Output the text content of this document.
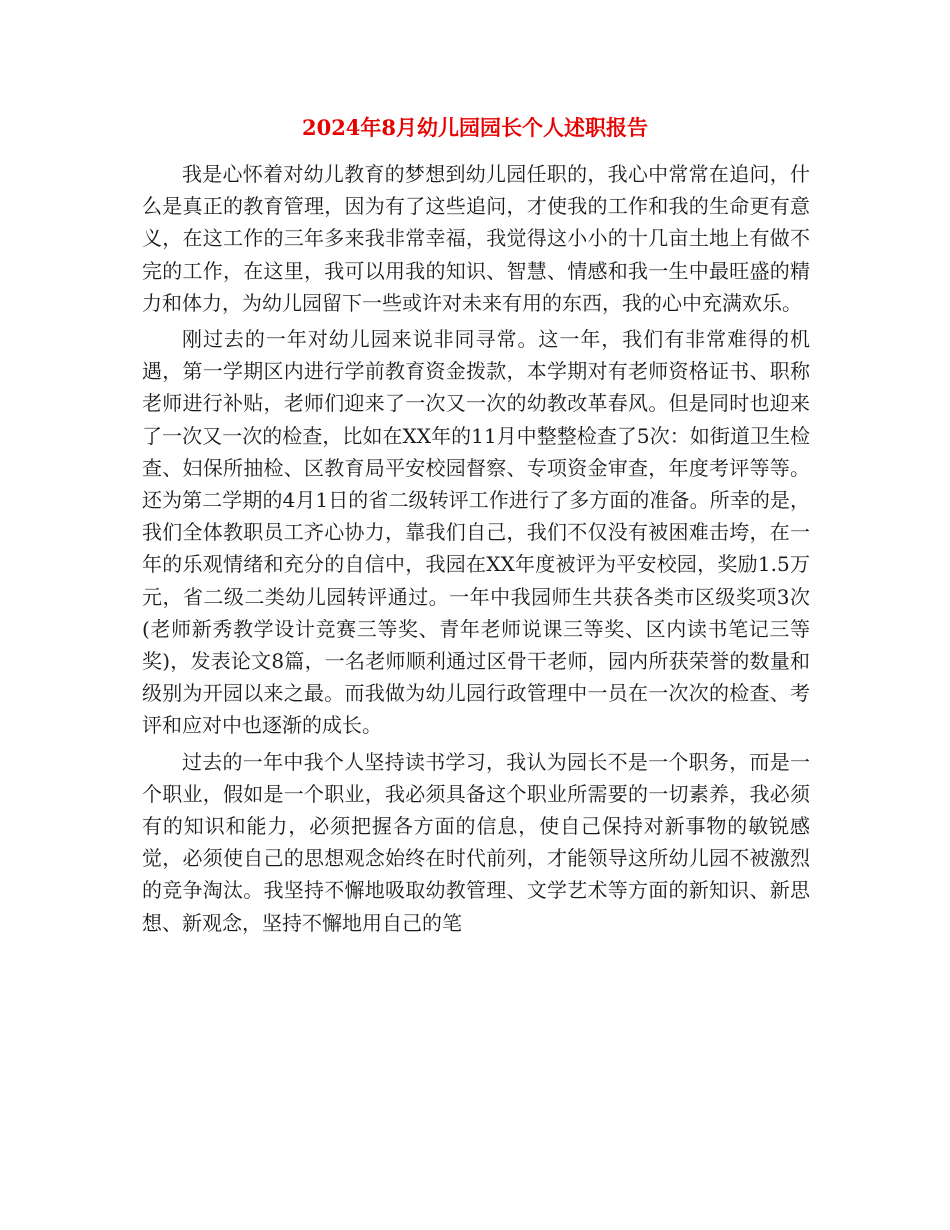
2024年8月幼儿园园长个人述职报告

我是心怀着对幼儿教育的梦想到幼儿园任职的，我心中常常在追问，什么是真正的教育管理，因为有了这些追问，才使我的工作和我的生命更有意义，在这工作的三年多来我非常幸福，我觉得这小小的十几亩土地上有做不完的工作，在这里，我可以用我的知识、智慧、情感和我一生中最旺盛的精力和体力，为幼儿园留下一些或许对未来有用的东西，我的心中充满欢乐。

刚过去的一年对幼儿园来说非同寻常。这一年，我们有非常难得的机遇，第一学期区内进行学前教育资金拨款，本学期对有老师资格证书、职称老师进行补贴，老师们迎来了一次又一次的幼教改革春风。但是同时也迎来了一次又一次的检查，比如在XX年的11月中整整检查了5次：如街道卫生检查、妇保所抽检、区教育局平安校园督察、专项资金审查，年度考评等等。还为第二学期的4月1日的省二级转评工作进行了多方面的准备。所幸的是，我们全体教职员工齐心协力，靠我们自己，我们不仅没有被困难击垮，在一年的乐观情绪和充分的自信中，我园在XX年度被评为平安校园，奖励1.5万元，省二级二类幼儿园转评通过。一年中我园师生共获各类市区级奖项3次(老师新秀教学设计竞赛三等奖、青年老师说课三等奖、区内读书笔记三等奖)，发表论文8篇，一名老师顺利通过区骨干老师，园内所获荣誉的数量和级别为开园以来之最。而我做为幼儿园行政管理中一员在一次次的检查、考评和应对中也逐渐的成长。

过去的一年中我个人坚持读书学习，我认为园长不是一个职务，而是一个职业，假如是一个职业，我必须具备这个职业所需要的一切素养，我必须有的知识和能力，必须把握各方面的信息，使自己保持对新事物的敏锐感觉，必须使自己的思想观念始终在时代前列，才能领导这所幼儿园不被激烈的竞争淘汰。我坚持不懈地吸取幼教管理、文学艺术等方面的新知识、新思想、新观念，坚持不懈地用自己的笔
